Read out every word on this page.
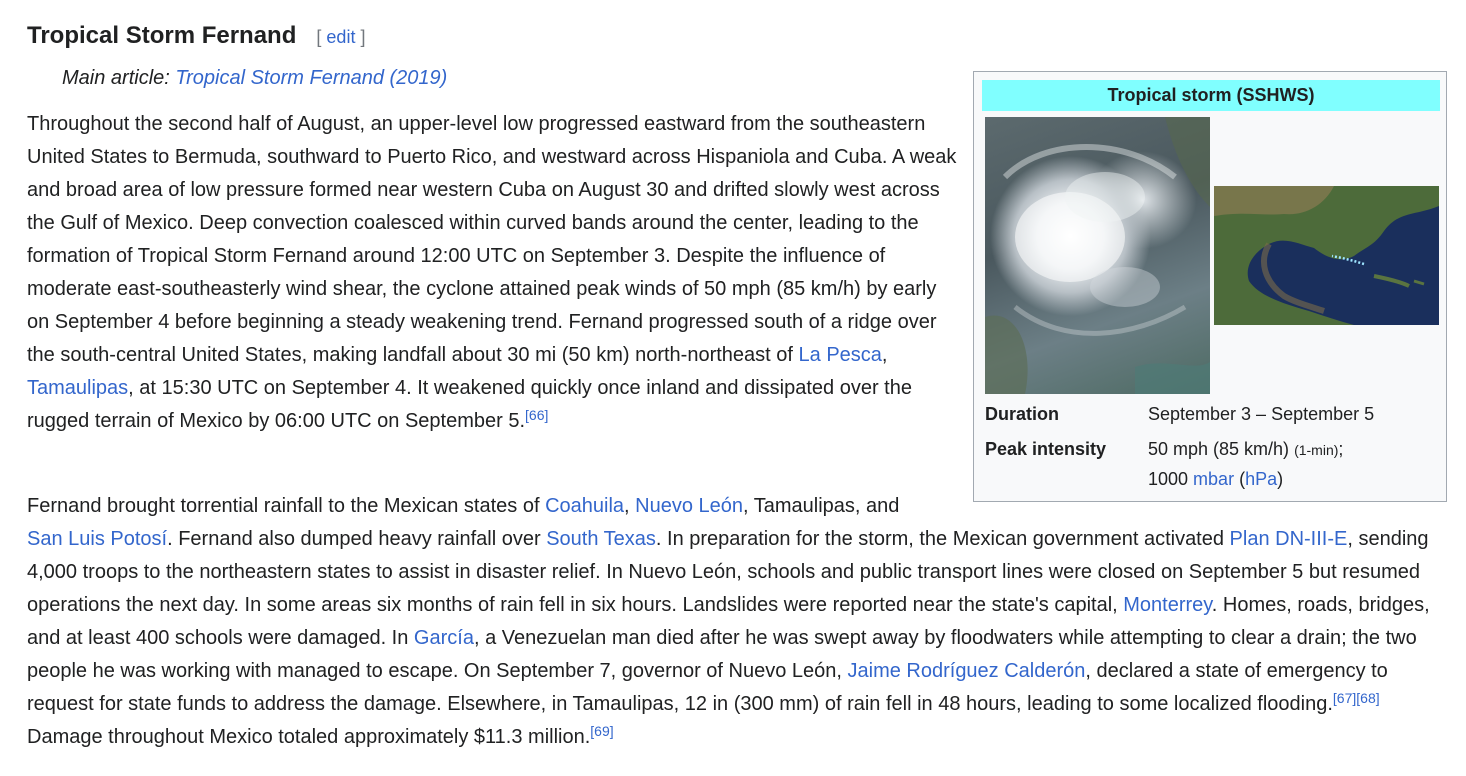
Tropical Storm Fernand [ edit ]
Main article: Tropical Storm Fernand (2019)

Throughout the second half of August, an upper-level low progressed eastward from the southeastern United States to Bermuda, southward to Puerto Rico, and westward across Hispaniola and Cuba. A weak and broad area of low pressure formed near western Cuba on August 30 and drifted slowly west across the Gulf of Mexico. Deep convection coalesced within curved bands around the center, leading to the formation of Tropical Storm Fernand around 12:00 UTC on September 3. Despite the influence of moderate east-southeasterly wind shear, the cyclone attained peak winds of 50 mph (85 km/h) by early on September 4 before beginning a steady weakening trend. Fernand progressed south of a ridge over the south-central United States, making landfall about 30 mi (50 km) north-northeast of La Pesca, Tamaulipas, at 15:30 UTC on September 4. It weakened quickly once inland and dissipated over the rugged terrain of Mexico by 06:00 UTC on September 5.[66]

Fernand brought torrential rainfall to the Mexican states of Coahuila, Nuevo León, Tamaulipas, and
San Luis Potosí. Fernand also dumped heavy rainfall over South Texas. In preparation for the storm, the Mexican government activated Plan DN-III-E, sending 4,000 troops to the northeastern states to assist in disaster relief. In Nuevo León, schools and public transport lines were closed on September 5 but resumed operations the next day. In some areas six months of rain fell in six hours. Landslides were reported near the state's capital, Monterrey. Homes, roads, bridges, and at least 400 schools were damaged. In García, a Venezuelan man died after he was swept away by floodwaters while attempting to clear a drain; the two people he was working with managed to escape. On September 7, governor of Nuevo León, Jaime Rodríguez Calderón, declared a state of emergency to request for state funds to address the damage. Elsewhere, in Tamaulipas, 12 in (300 mm) of rain fell in 48 hours, leading to some localized flooding.[67][68] Damage throughout Mexico totaled approximately $11.3 million.[69]

Tropical storm (SSHWS)
Duration	September 3 – September 5
Peak intensity	50 mph (85 km/h) (1-min);
1000 mbar (hPa)
